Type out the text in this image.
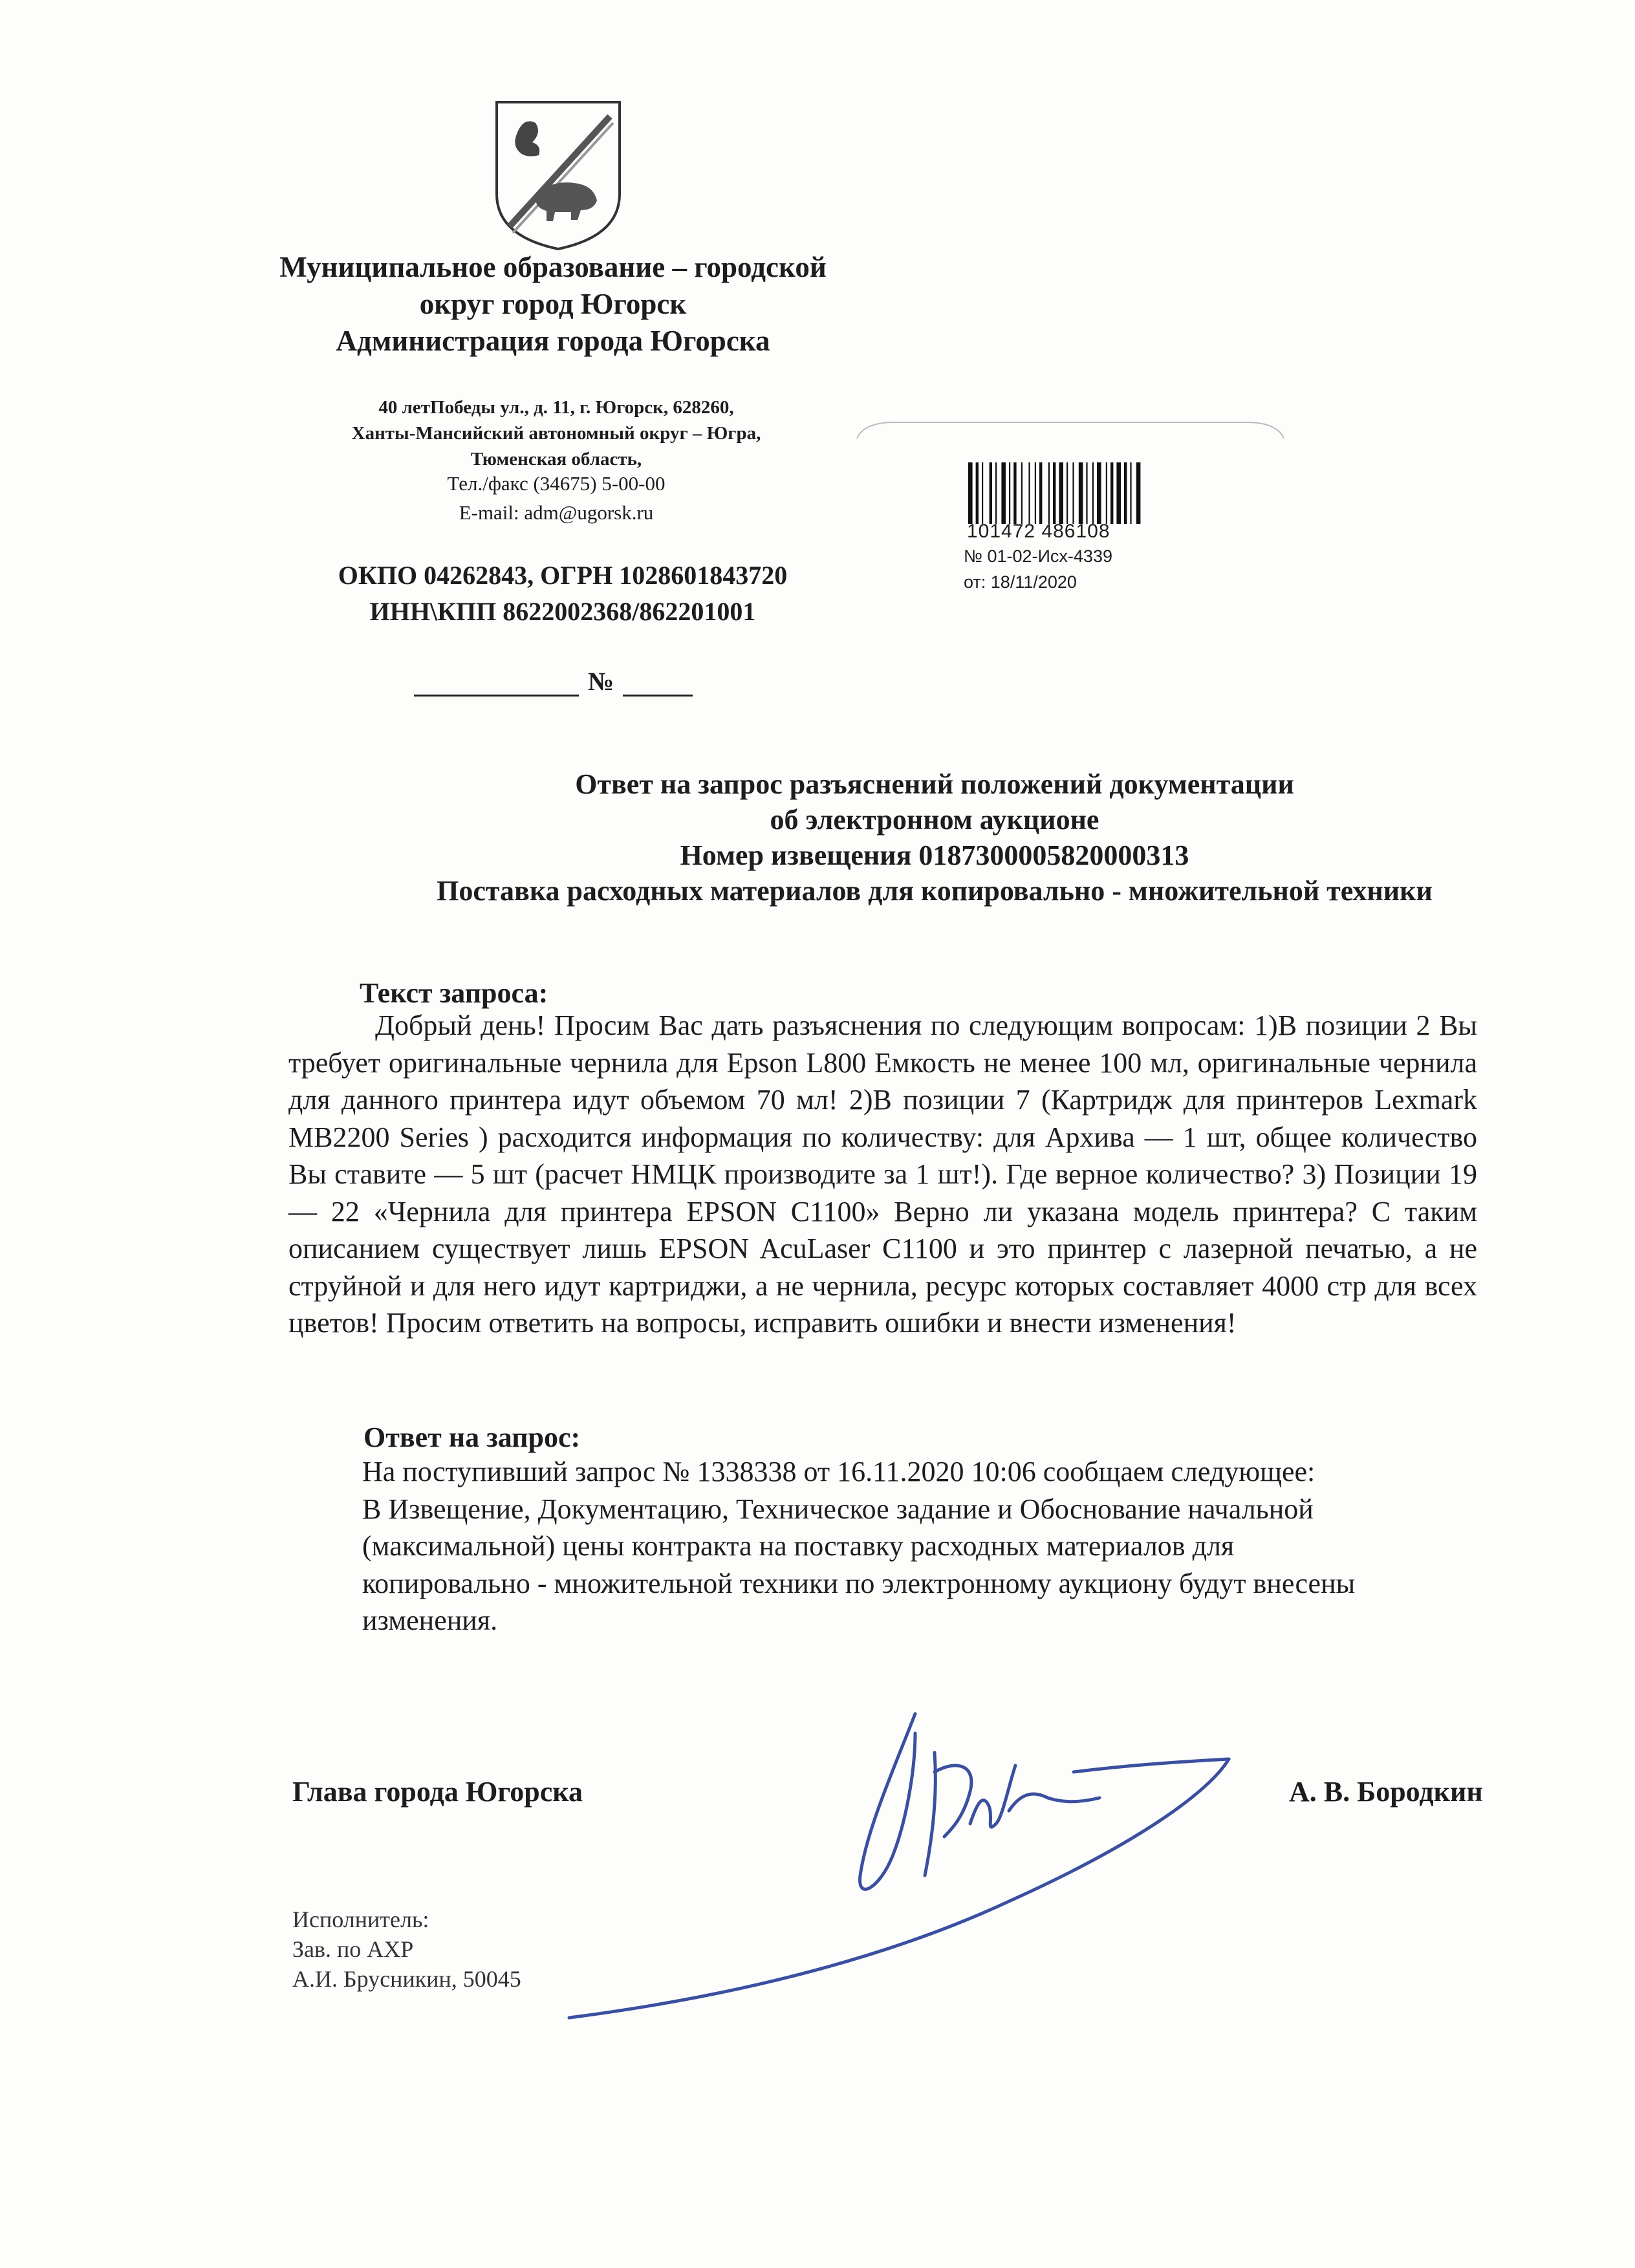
Муниципальное образование – городской
округ город Югорск
Администрация города Югорска
40 летПобеды ул., д. 11, г. Югорск, 628260,
Ханты-Мансийский автономный округ – Югра,
Тюменская область,
Тел./факс (34675) 5-00-00
E-mail: adm@ugorsk.ru
ОКПО 04262843, ОГРН 1028601843720
ИНН\КПП 8622002368/862201001
№
101472 486108
№ 01-02-Исх-4339
от: 18/11/2020
Ответ на запрос разъяснений положений документации
об электронном аукционе
Номер извещения 0187300005820000313
Поставка расходных материалов для копировально - множительной техники
Текст запроса:
Добрый день! Просим Вас дать разъяснения по следующим вопросам: 1)В позиции 2 Вы требует оригинальные чернила для Epson L800 Емкость не менее 100 мл, оригинальные чернила для данного принтера идут объемом 70 мл! 2)В позиции 7 (Картридж для принтеров Lexmark MB2200 Series ) расходится информация по количеству: для Архива — 1 шт, общее количество Вы ставите — 5 шт (расчет НМЦК производите за 1 шт!). Где верное количество? 3) Позиции 19 — 22 «Чернила для принтера EPSON C1100» Верно ли указана модель принтера? С таким описанием существует лишь EPSON AcuLaser C1100 и это принтер с лазерной печатью, а не струйной и для него идут картриджи, а не чернила, ресурс которых составляет 4000 стр для всех цветов! Просим ответить на вопросы, исправить ошибки и внести изменения!
Ответ на запрос:

На поступивший запрос № 1338338 от 16.11.2020 10:06 сообщаем следующее:

В Извещение, Документацию, Техническое задание и Обоснование начальной

(максимальной) цены контракта на поставку расходных материалов для

копировально - множительной техники по электронному аукциону будут внесены

изменения.

Глава города Югорска	А. В. Бородкин
Исполнитель:
Зав. по АХР
А.И. Брусникин, 50045
